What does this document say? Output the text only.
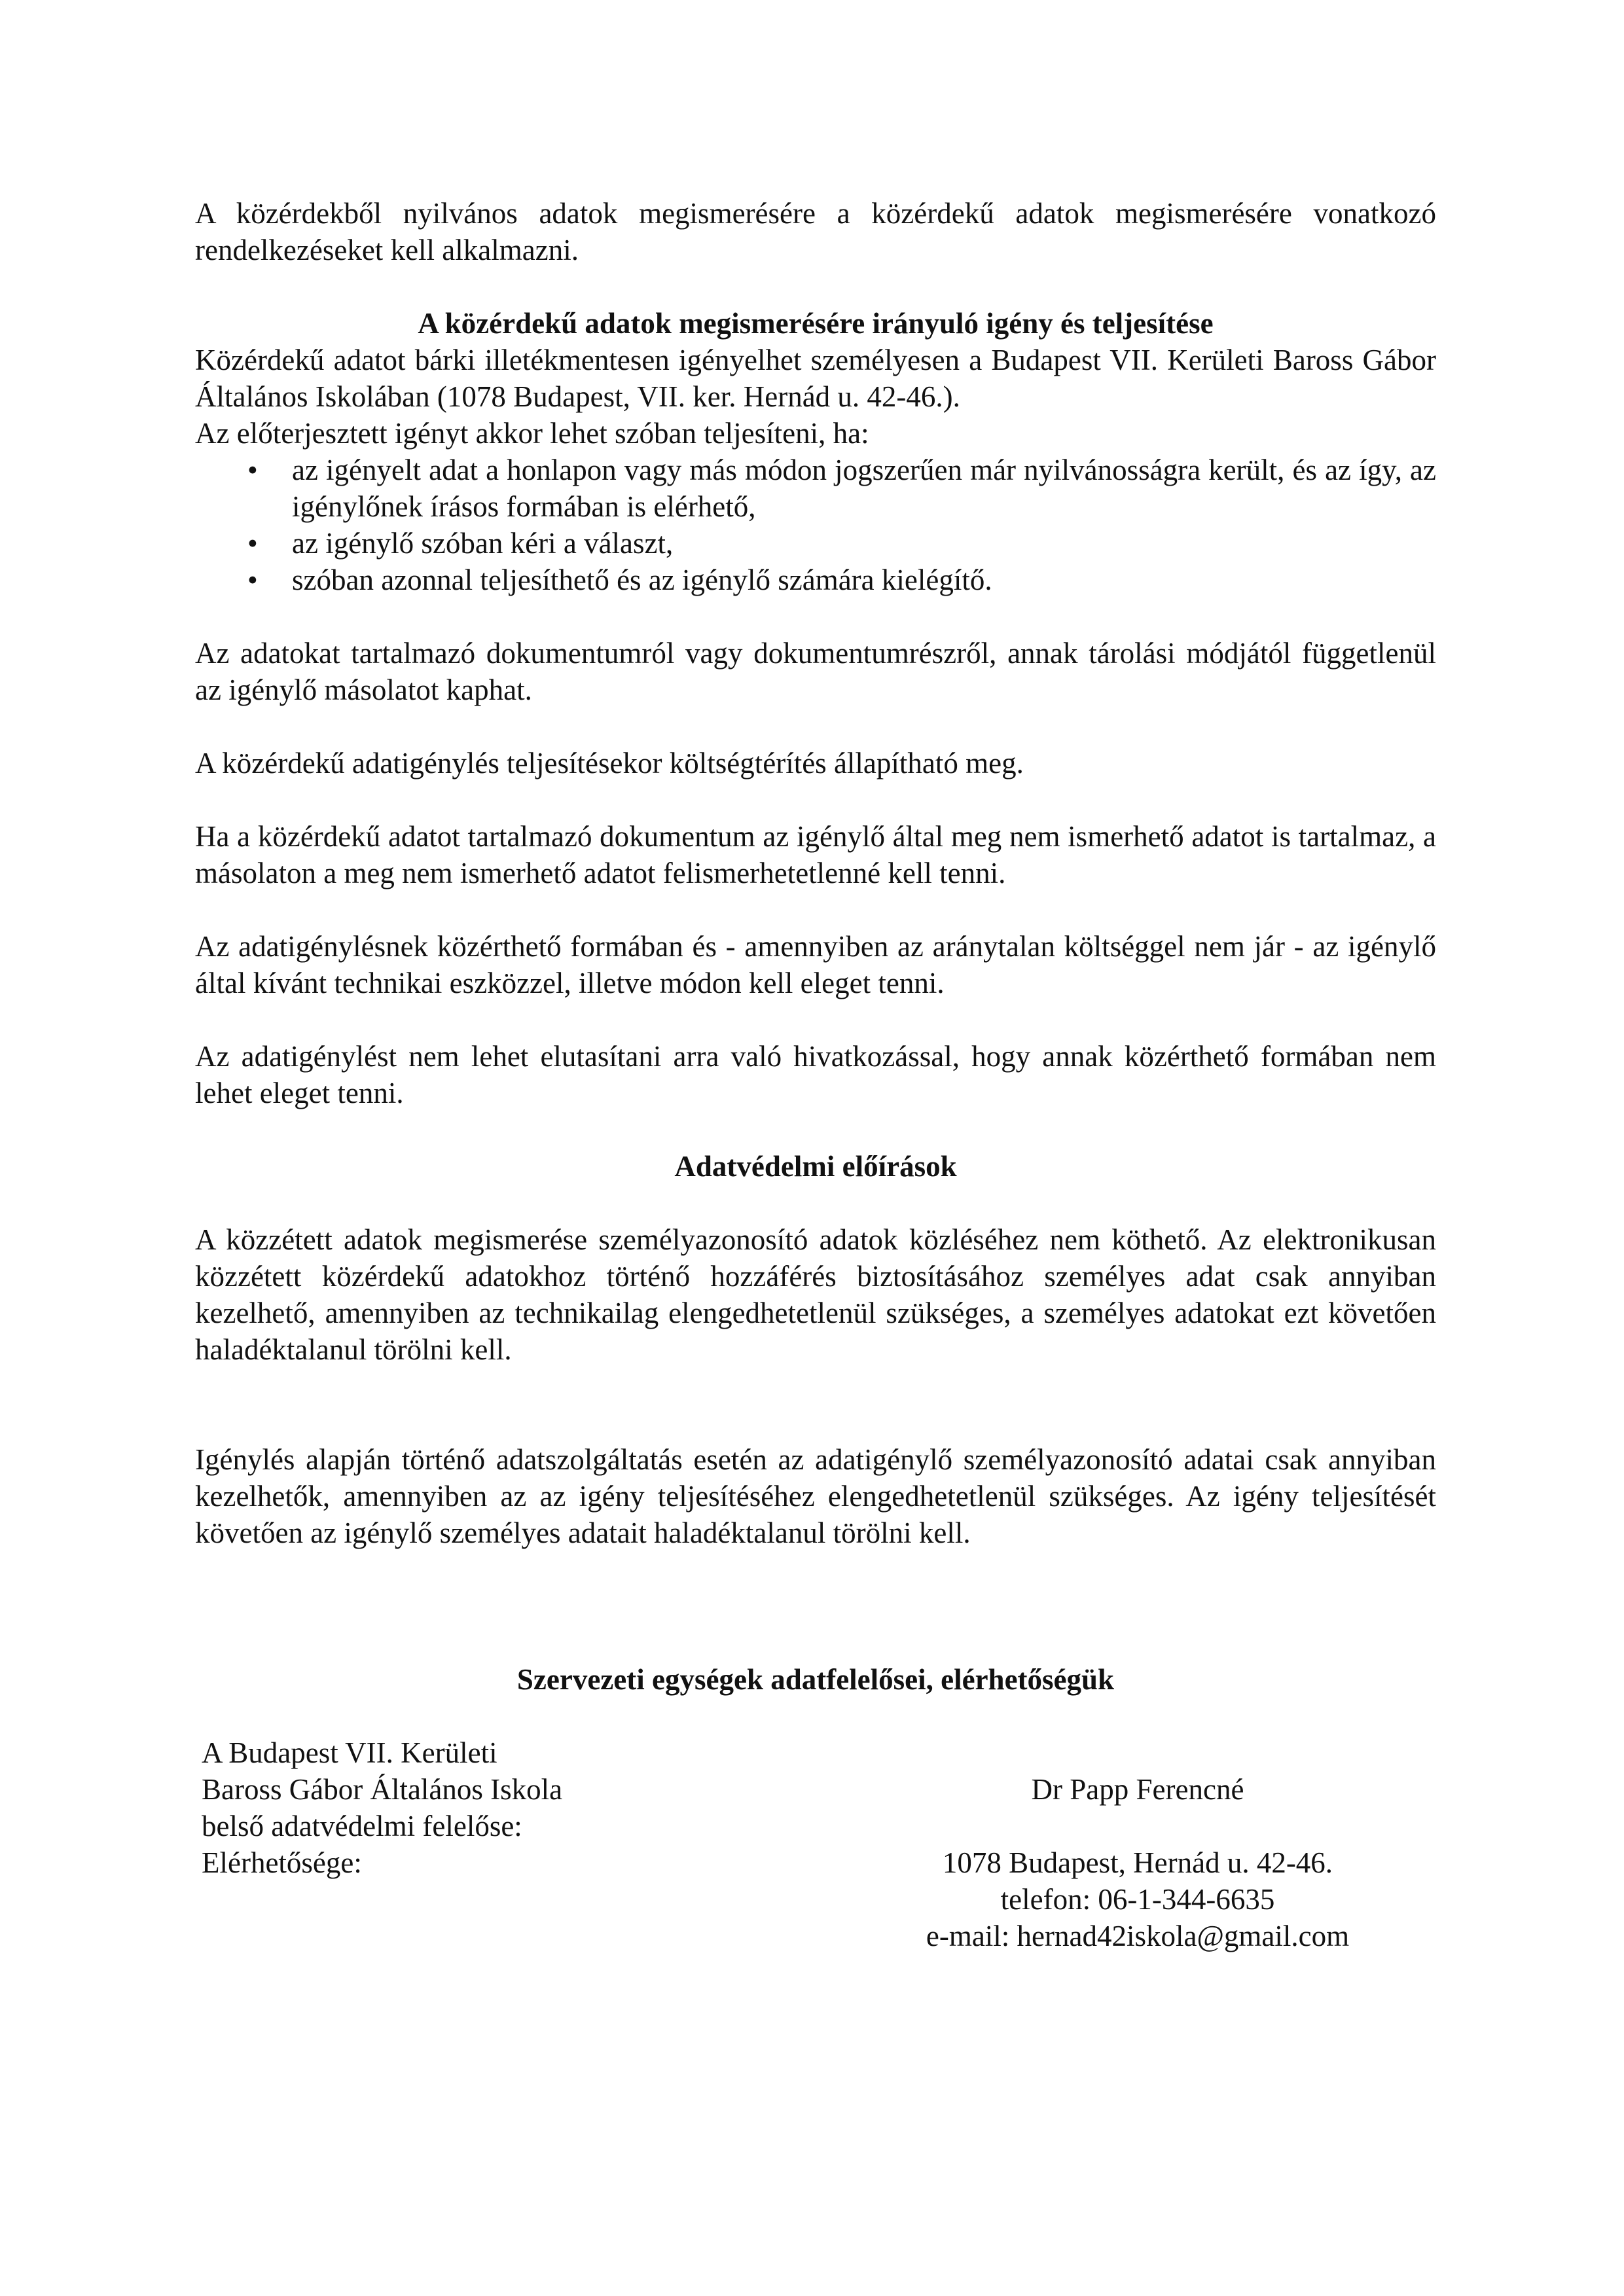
A közérdekből nyilvános adatok megismerésére a közérdekű adatok megismerésére vonatkozó rendelkezéseket kell alkalmazni.

A közérdekű adatok megismerésére irányuló igény és teljesítése

Közérdekű adatot bárki illetékmentesen igényelhet személyesen a Budapest VII. Kerületi Baross Gábor Általános Iskolában (1078 Budapest, VII. ker. Hernád u. 42-46.).

Az előterjesztett igényt akkor lehet szóban teljesíteni, ha:

• az igényelt adat a honlapon vagy más módon jogszerűen már nyilvánosságra került, és az így, az igénylőnek írásos formában is elérhető,
• az igénylő szóban kéri a választ,
• szóban azonnal teljesíthető és az igénylő számára kielégítő.

Az adatokat tartalmazó dokumentumról vagy dokumentumrészről, annak tárolási módjától függetlenül az igénylő másolatot kaphat.

A közérdekű adatigénylés teljesítésekor költségtérítés állapítható meg.

Ha a közérdekű adatot tartalmazó dokumentum az igénylő által meg nem ismerhető adatot is tartalmaz, a másolaton a meg nem ismerhető adatot felismerhetetlenné kell tenni.

Az adatigénylésnek közérthető formában és - amennyiben az aránytalan költséggel nem jár - az igénylő által kívánt technikai eszközzel, illetve módon kell eleget tenni.

Az adatigénylést nem lehet elutasítani arra való hivatkozással, hogy annak közérthető formában nem lehet eleget tenni.

Adatvédelmi előírások

A közzétett adatok megismerése személyazonosító adatok közléséhez nem köthető. Az elektronikusan közzétett közérdekű adatokhoz történő hozzáférés biztosításához személyes adat csak annyiban kezelhető, amennyiben az technikailag elengedhetetlenül szükséges, a személyes adatokat ezt követően haladéktalanul törölni kell.

Igénylés alapján történő adatszolgáltatás esetén az adatigénylő személyazonosító adatai csak annyiban kezelhetők, amennyiben az az igény teljesítéséhez elengedhetetlenül szükséges. Az igény teljesítését követően az igénylő személyes adatait haladéktalanul törölni kell.

Szervezeti egységek adatfelelősei, elérhetőségük

A Budapest VII. Kerületi
Baross Gábor Általános Iskola
belső adatvédelmi felelőse:
Elérhetősége:
Dr Papp Ferencné
1078 Budapest, Hernád u. 42-46.
telefon: 06-1-344-6635
e-mail: hernad42iskola@gmail.com
